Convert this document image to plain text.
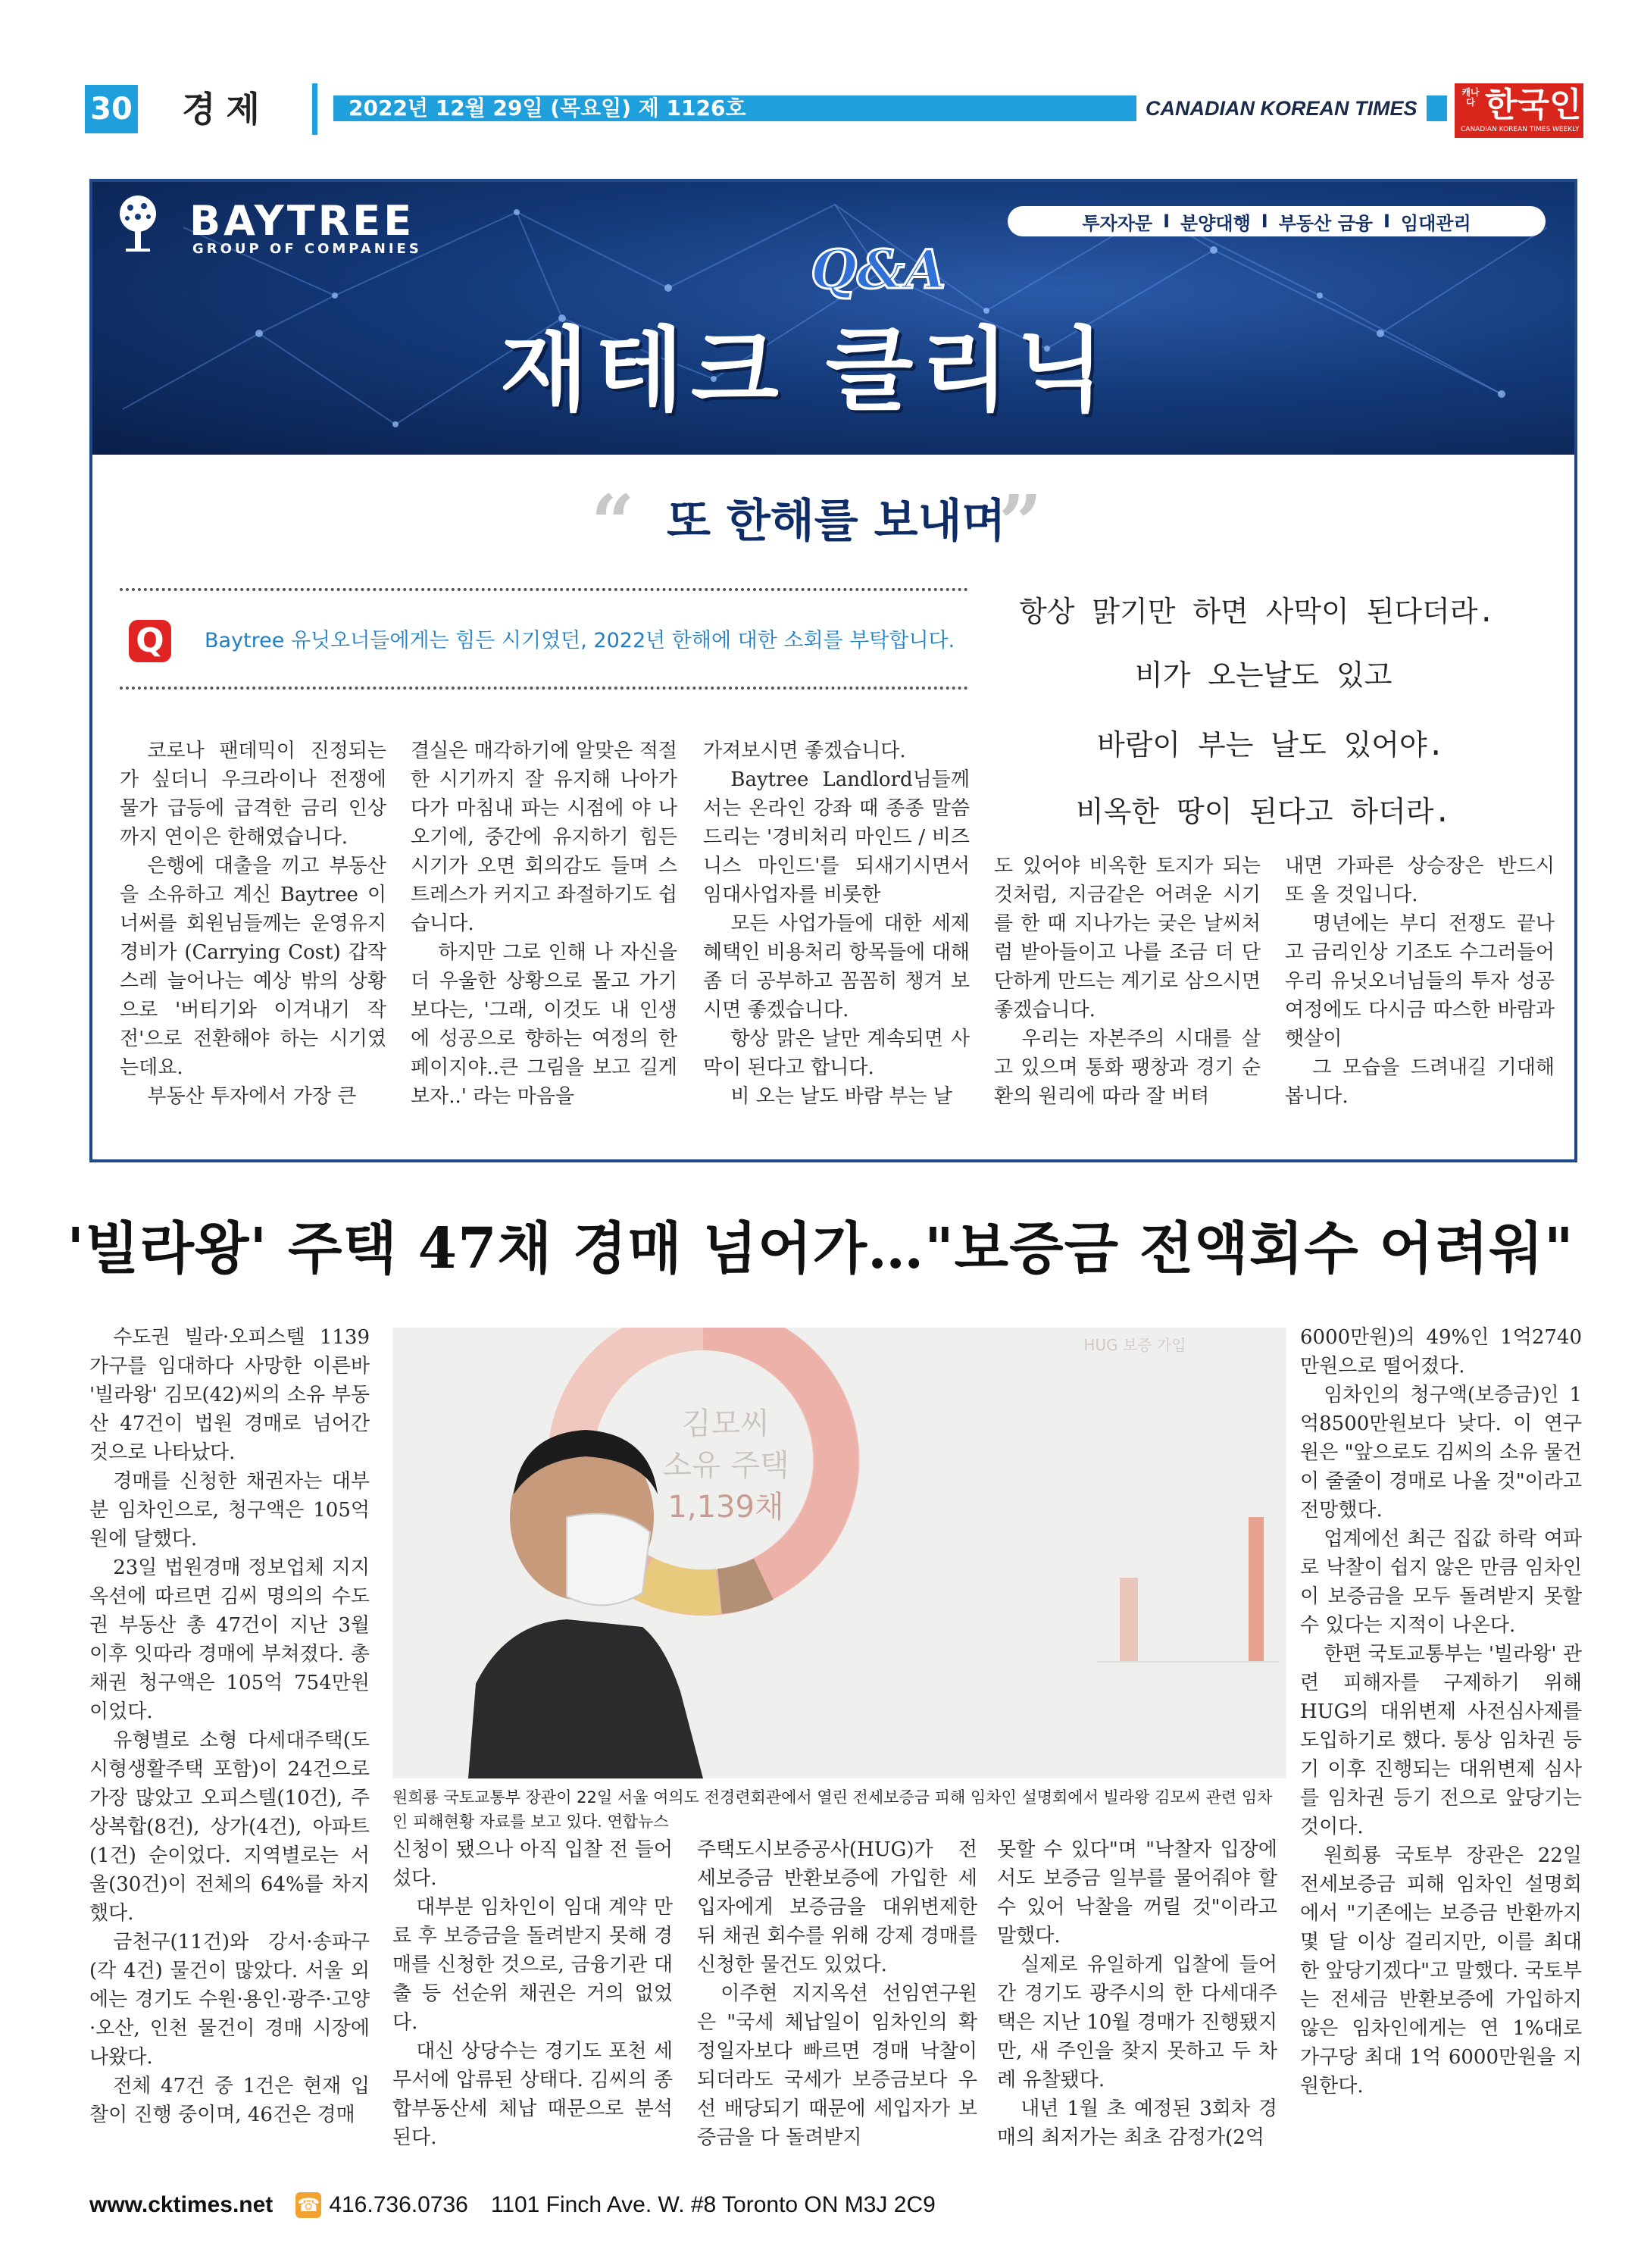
30 경제	2022년 12월 29일 (목요일) 제 1126호	CANADIAN KOREAN TIMES
캐나다 한국인
CANADIAN KOREAN TIMES WEEKLY
BAYTREE
GROUP OF COMPANIES
투자자문 I 분양대행 I 부동산 금융 I 임대관리
Q&A
재테크 클리닉
“ 또 한해를 보내며
”
Q	Baytree 유닛오너들에게는 힘든 시기였던, 2022년 한해에 대한 소회를 부탁합니다.
항상 맑기만 하면 사막이 된다더라.
비가 오는날도 있고
바람이 부는 날도 있어야.
비옥한 땅이 된다고 하더라.

코로나 팬데믹이 진정되는가 싶더니 우크라이나 전쟁에 물가 급등에 급격한 금리 인상까지 연이은 한해였습니다.

은행에 대출을 끼고 부동산을 소유하고 계신 Baytree 이너써를 회원님들께는 운영유지경비가 (Carrying Cost) 갑작스레 늘어나는 예상 밖의 상황으로 '버티기와 이겨내기 작전'으로 전환해야 하는 시기였는데요.

부동산 투자에서 가장 큰

결실은 매각하기에 알맞은 적절한 시기까지 잘 유지해 나아가다가 마침내 파는 시점에 야 나오기에, 중간에 유지하기 힘든 시기가 오면 회의감도 들며 스트레스가 커지고 좌절하기도 쉽습니다.

하지만 그로 인해 나 자신을 더 우울한 상황으로 몰고 가기보다는, '그래, 이것도 내 인생에 성공으로 향하는 여정의 한 페이지야..큰 그림을 보고 길게 보자..' 라는 마음을

가져보시면 좋겠습니다.

Baytree Landlord님들께서는 온라인 강좌 때 종종 말씀드리는 '경비처리 마인드 / 비즈니스 마인드'를 되새기시면서 임대사업자를 비롯한

모든 사업가들에 대한 세제혜택인 비용처리 항목들에 대해 좀 더 공부하고 꼼꼼히 챙겨 보시면 좋겠습니다.

항상 맑은 날만 계속되면 사막이 된다고 합니다.

비 오는 날도 바람 부는 날

도 있어야 비옥한 토지가 되는 것처럼, 지금같은 어려운 시기를 한 때 지나가는 궂은 날씨처럼 받아들이고 나를 조금 더 단단하게 만드는 계기로 삼으시면 좋겠습니다.

우리는 자본주의 시대를 살고 있으며 통화 팽창과 경기 순환의 원리에 따라 잘 버텨

내면 가파른 상승장은 반드시 또 올 것입니다.

명년에는 부디 전쟁도 끝나고 금리인상 기조도 수그러들어 우리 유닛오너님들의 투자 성공여정에도 다시금 따스한 바람과 햇살이

그 모습을 드려내길 기대해 봅니다.

'빌라왕' 주택 47채 경매 넘어가…"보증금 전액회수 어려워"
김모씨
소유 주택
1,139채
HUG 보증 가입
원희룡 국토교통부 장관이 22일 서울 여의도 전경련회관에서 열린 전세보증금 피해 임차인 설명회에서 빌라왕 김모씨 관련 임차인 피해현황 자료를 보고 있다. 연합뉴스

수도권 빌라·오피스텔 1139가구를 임대하다 사망한 이른바 '빌라왕' 김모(42)씨의 소유 부동산 47건이 법원 경매로 넘어간 것으로 나타났다.

경매를 신청한 채권자는 대부분 임차인으로, 청구액은 105억원에 달했다.

23일 법원경매 정보업체 지지옥션에 따르면 김씨 명의의 수도권 부동산 총 47건이 지난 3월 이후 잇따라 경매에 부쳐졌다. 총 채권 청구액은 105억 754만원이었다.

유형별로 소형 다세대주택(도시형생활주택 포함)이 24건으로 가장 많았고 오피스텔(10건), 주상복합(8건), 상가(4건), 아파트(1건) 순이었다. 지역별로는 서울(30건)이 전체의 64%를 차지했다.

금천구(11건)와 강서·송파구(각 4건) 물건이 많았다. 서울 외에는 경기도 수원·용인·광주·고양·오산, 인천 물건이 경매 시장에 나왔다.

전체 47건 중 1건은 현재 입찰이 진행 중이며, 46건은 경매

신청이 됐으나 아직 입찰 전 들어섰다.

대부분 임차인이 임대 계약 만료 후 보증금을 돌려받지 못해 경매를 신청한 것으로, 금융기관 대출 등 선순위 채권은 거의 없었다.

대신 상당수는 경기도 포천 세무서에 압류된 상태다. 김씨의 종합부동산세 체납 때문으로 분석된다.

주택도시보증공사(HUG)가 전세보증금 반환보증에 가입한 세입자에게 보증금을 대위변제한 뒤 채권 회수를 위해 강제 경매를 신청한 물건도 있었다.

이주현 지지옥션 선임연구원은 "국세 체납일이 임차인의 확정일자보다 빠르면 경매 낙찰이 되더라도 국세가 보증금보다 우선 배당되기 때문에 세입자가 보증금을 다 돌려받지

못할 수 있다"며 "낙찰자 입장에서도 보증금 일부를 물어줘야 할 수 있어 낙찰을 꺼릴 것"이라고 말했다.

실제로 유일하게 입찰에 들어간 경기도 광주시의 한 다세대주택은 지난 10월 경매가 진행됐지만, 새 주인을 찾지 못하고 두 차례 유찰됐다.

내년 1월 초 예정된 3회차 경매의 최저가는 최초 감정가(2억

6000만원)의 49%인 1억2740만원으로 떨어졌다.

임차인의 청구액(보증금)인 1억8500만원보다 낮다. 이 연구원은 "앞으로도 김씨의 소유 물건이 줄줄이 경매로 나올 것"이라고 전망했다.

업계에선 최근 집값 하락 여파로 낙찰이 쉽지 않은 만큼 임차인이 보증금을 모두 돌려받지 못할 수 있다는 지적이 나온다.

한편 국토교통부는 '빌라왕' 관련 피해자를 구제하기 위해 HUG의 대위변제 사전심사제를 도입하기로 했다. 통상 임차권 등기 이후 진행되는 대위변제 심사를 임차권 등기 전으로 앞당기는 것이다.

원희룡 국토부 장관은 22일 전세보증금 피해 임차인 설명회에서 "기존에는 보증금 반환까지 몇 달 이상 걸리지만, 이를 최대한 앞당기겠다"고 말했다. 국토부는 전세금 반환보증에 가입하지 않은 임차인에게는 연 1%대로 가구당 최대 1억 6000만원을 지원한다.

www.cktimes.net ☎ 416.736.0736 1101 Finch Ave. W. #8 Toronto ON M3J 2C9
